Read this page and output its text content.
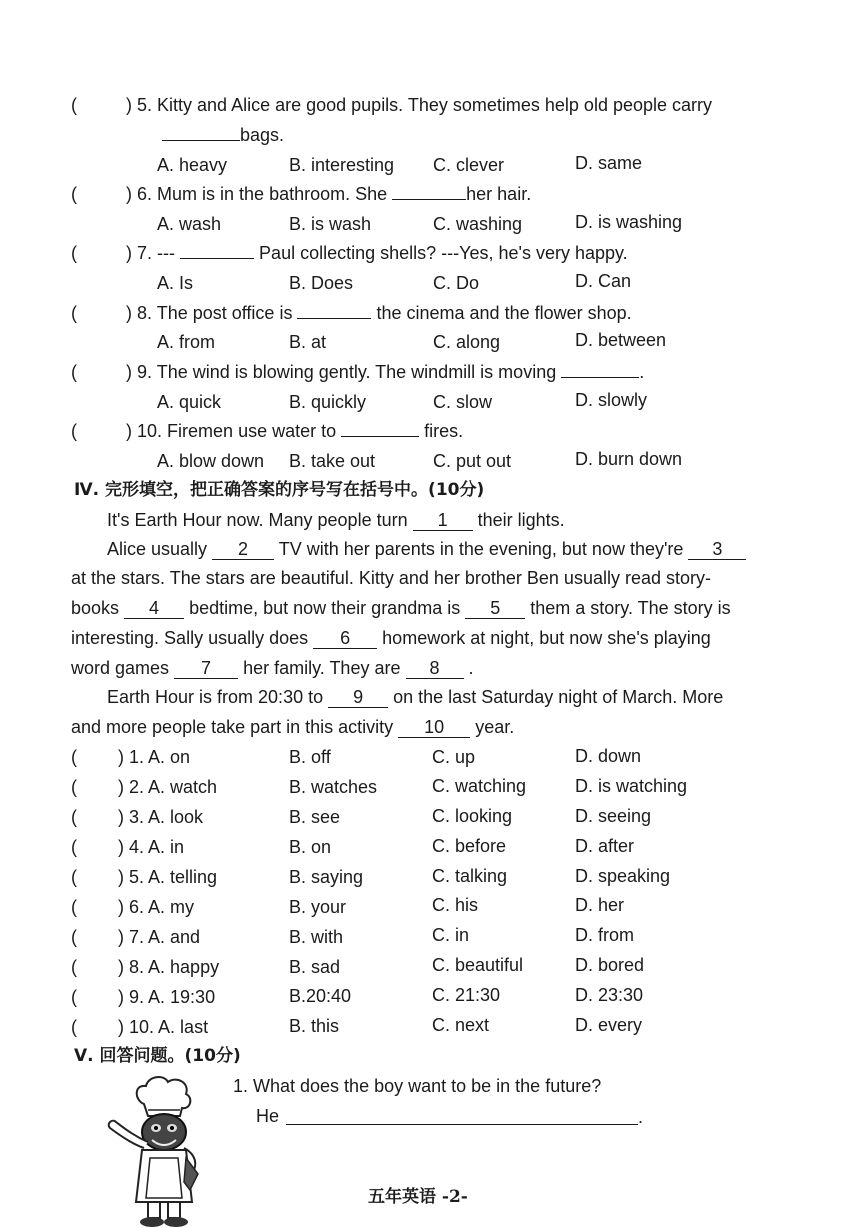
(	) 5. Kitty and Alice are good pupils. They sometimes help old people carry
bags.
A. heavy	B. interesting C. clever	D. same
(	) 6. Mum is in the bathroom. She	her hair.
A. wash	B. is wash	C. washing	D. is washing
(	) 7. ---	Paul collecting shells? ---Yes, he's very happy.
A. Is	B. Does	C. Do	D. Can
(	) 8. The post office is	the cinema and the flower shop.
A. from	B. at	C. along	D. between
(	) 9. The wind is blowing gently. The windmill is moving	.
A. quick	B. quickly	C. slow	D. slowly
(	) 10. Firemen use water to	fires.
A. blow down B. take out	C. put out	D. burn down
Ⅳ. 完形填空，把正确答案的序号写在括号中。(10分)
It's Earth Hour now. Many people turn 1 their lights.
Alice usually 2 TV with her parents in the evening, but now they're 3
at the stars. The stars are beautiful. Kitty and her brother Ben usually read story-
books 4 bedtime, but now their grandma is 5 them a story. The story is
interesting. Sally usually does 6 homework at night, but now she's playing
word games 7 her family. They are 8 .
Earth Hour is from 20:30 to 9 on the last Saturday night of March. More
and more people take part in this activity 10 year.
( ) 1. A. on	B. off	C. up	D. down
( ) 2. A. watch	B. watches	C. watching	D. is watching
( ) 3. A. look	B. see	C. looking	D. seeing
( ) 4. A. in	B. on	C. before	D. after
( ) 5. A. telling	B. saying	C. talking	D. speaking
( ) 6. A. my	B. your	C. his	D. her
( ) 7. A. and	B. with	C. in	D. from
( ) 8. A. happy	B. sad	C. beautiful	D. bored
( ) 9. A. 19:30	B.20:40	C. 21:30	D. 23:30
( ) 10. A. last	B. this	C. next	D. every
Ⅴ. 回答问题。(10分)
1. What does the boy want to be in the future?
He	.
五年英语 -2-
